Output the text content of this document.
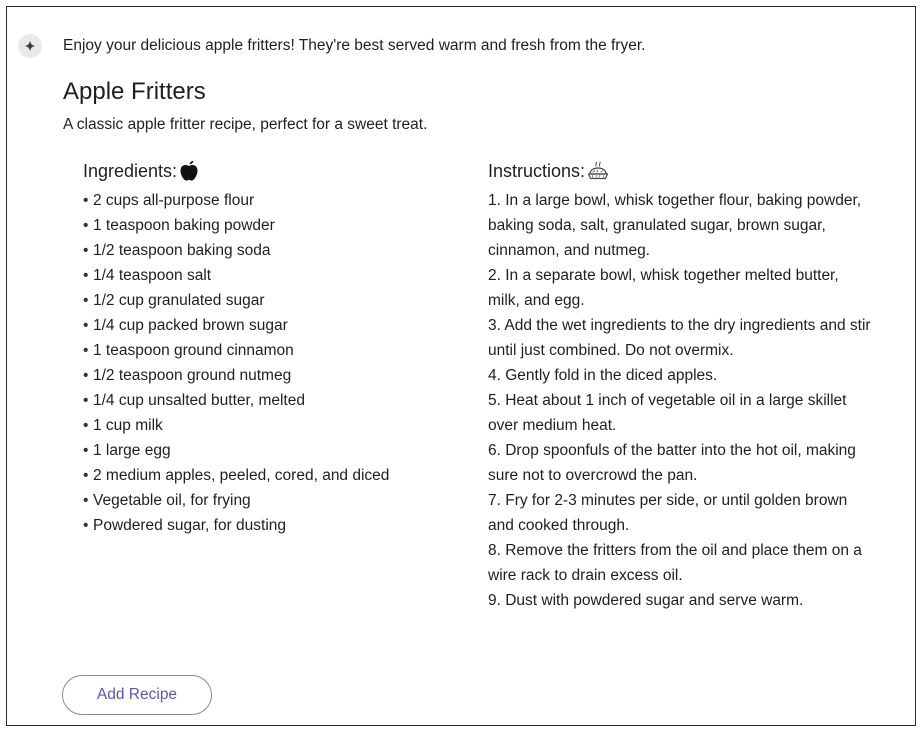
Enjoy your delicious apple fritters! They're best served warm and fresh from the fryer.
Apple Fritters
A classic apple fritter recipe, perfect for a sweet treat.
Ingredients:
• 2 cups all-purpose flour
• 1 teaspoon baking powder
• 1/2 teaspoon baking soda
• 1/4 teaspoon salt
• 1/2 cup granulated sugar
• 1/4 cup packed brown sugar
• 1 teaspoon ground cinnamon
• 1/2 teaspoon ground nutmeg
• 1/4 cup unsalted butter, melted
• 1 cup milk
• 1 large egg
• 2 medium apples, peeled, cored, and diced
• Vegetable oil, for frying
• Powdered sugar, for dusting
Instructions:

1. In a large bowl, whisk together flour, baking powder, baking soda, salt, granulated sugar, brown sugar, cinnamon, and nutmeg.

2. In a separate bowl, whisk together melted butter, milk, and egg.

3. Add the wet ingredients to the dry ingredients and stir until just combined. Do not overmix.

4. Gently fold in the diced apples.

5. Heat about 1 inch of vegetable oil in a large skillet over medium heat.

6. Drop spoonfuls of the batter into the hot oil, making sure not to overcrowd the pan.

7. Fry for 2-3 minutes per side, or until golden brown and cooked through.

8. Remove the fritters from the oil and place them on a wire rack to drain excess oil.

9. Dust with powdered sugar and serve warm.

Add Recipe
